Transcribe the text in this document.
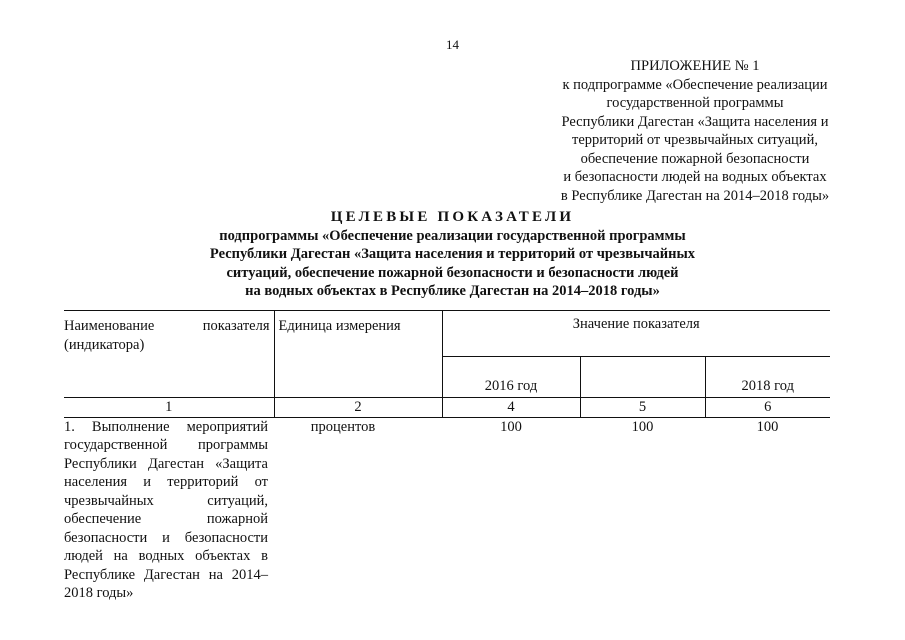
14
ПРИЛОЖЕНИЕ № 1
к подпрограмме «Обеспечение реализации
государственной программы
Республики Дагестан «Защита населения и
территорий от чрезвычайных ситуаций,
обеспечение пожарной безопасности
и безопасности людей на водных объектах
в Республике Дагестан на 2014–2018 годы»
ЦЕЛЕВЫЕ ПОКАЗАТЕЛИ
подпрограммы «Обеспечение реализации государственной программы
Республики Дагестан «Защита населения и территорий от чрезвычайных
ситуаций, обеспечение пожарной безопасности и безопасности людей
на водных объектах в Республике Дагестан на 2014–2018 годы»
Наименование показателя (индикатора)	Единица измерения	Значение показателя		
		2016 год		2018 год
1	2	4	5	6

1. Выполнение мероприятий государственной программы Республики Дагестан «Защита населения и территорий от чрезвычайных ситуаций, обеспечение пожарной безопасности и безопасности людей на водных объектах в Республике Дагестан на 2014–2018 годы»	процентов	100	100	100
